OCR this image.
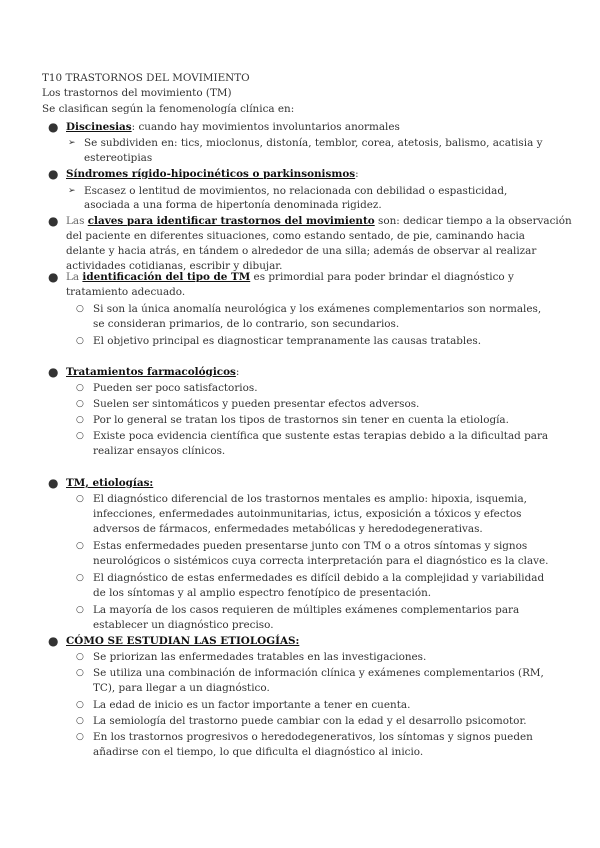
T10 TRASTORNOS DEL MOVIMIENTO
Los trastornos del movimiento (TM)
Se clasifican según la fenomenología clínica en:
● Discinesias: cuando hay movimientos involuntarios anormales
➢ Se subdividen en: tics, mioclonus, distonía, temblor, corea, atetosis, balismo, acatisia y
estereotipias
● Síndromes rígido-hipocinéticos o parkinsonismos:
➢ Escasez o lentitud de movimientos, no relacionada con debilidad o espasticidad,
asociada a una forma de hipertonía denominada rigidez.
● Las claves para identificar trastornos del movimiento son: dedicar tiempo a la observación
del paciente en diferentes situaciones, como estando sentado, de pie, caminando hacia
delante y hacia atrás, en tándem o alrededor de una silla; además de observar al realizar
actividades cotidianas, escribir y dibujar.
● La identificación del tipo de TM es primordial para poder brindar el diagnóstico y
tratamiento adecuado.
○ Si son la única anomalía neurológica y los exámenes complementarios son normales,
se consideran primarios, de lo contrario, son secundarios.
○ El objetivo principal es diagnosticar tempranamente las causas tratables.
● Tratamientos farmacológicos:
○ Pueden ser poco satisfactorios.
○ Suelen ser sintomáticos y pueden presentar efectos adversos.
○ Por lo general se tratan los tipos de trastornos sin tener en cuenta la etiología.
○ Existe poca evidencia científica que sustente estas terapias debido a la dificultad para
realizar ensayos clínicos.
● TM, etiologías:
○ El diagnóstico diferencial de los trastornos mentales es amplio: hipoxia, isquemia,
infecciones, enfermedades autoinmunitarias, ictus, exposición a tóxicos y efectos
adversos de fármacos, enfermedades metabólicas y heredodegenerativas.
○ Estas enfermedades pueden presentarse junto con TM o a otros síntomas y signos
neurológicos o sistémicos cuya correcta interpretación para el diagnóstico es la clave.
○ El diagnóstico de estas enfermedades es difícil debido a la complejidad y variabilidad
de los síntomas y al amplio espectro fenotípico de presentación.
○ La mayoría de los casos requieren de múltiples exámenes complementarios para
establecer un diagnóstico preciso.
● CÓMO SE ESTUDIAN LAS ETIOLOGÍAS:
○ Se priorizan las enfermedades tratables en las investigaciones.
○ Se utiliza una combinación de información clínica y exámenes complementarios (RM,
TC), para llegar a un diagnóstico.
○ La edad de inicio es un factor importante a tener en cuenta.
○ La semiología del trastorno puede cambiar con la edad y el desarrollo psicomotor.
○ En los trastornos progresivos o heredodegenerativos, los síntomas y signos pueden
añadirse con el tiempo, lo que dificulta el diagnóstico al inicio.
